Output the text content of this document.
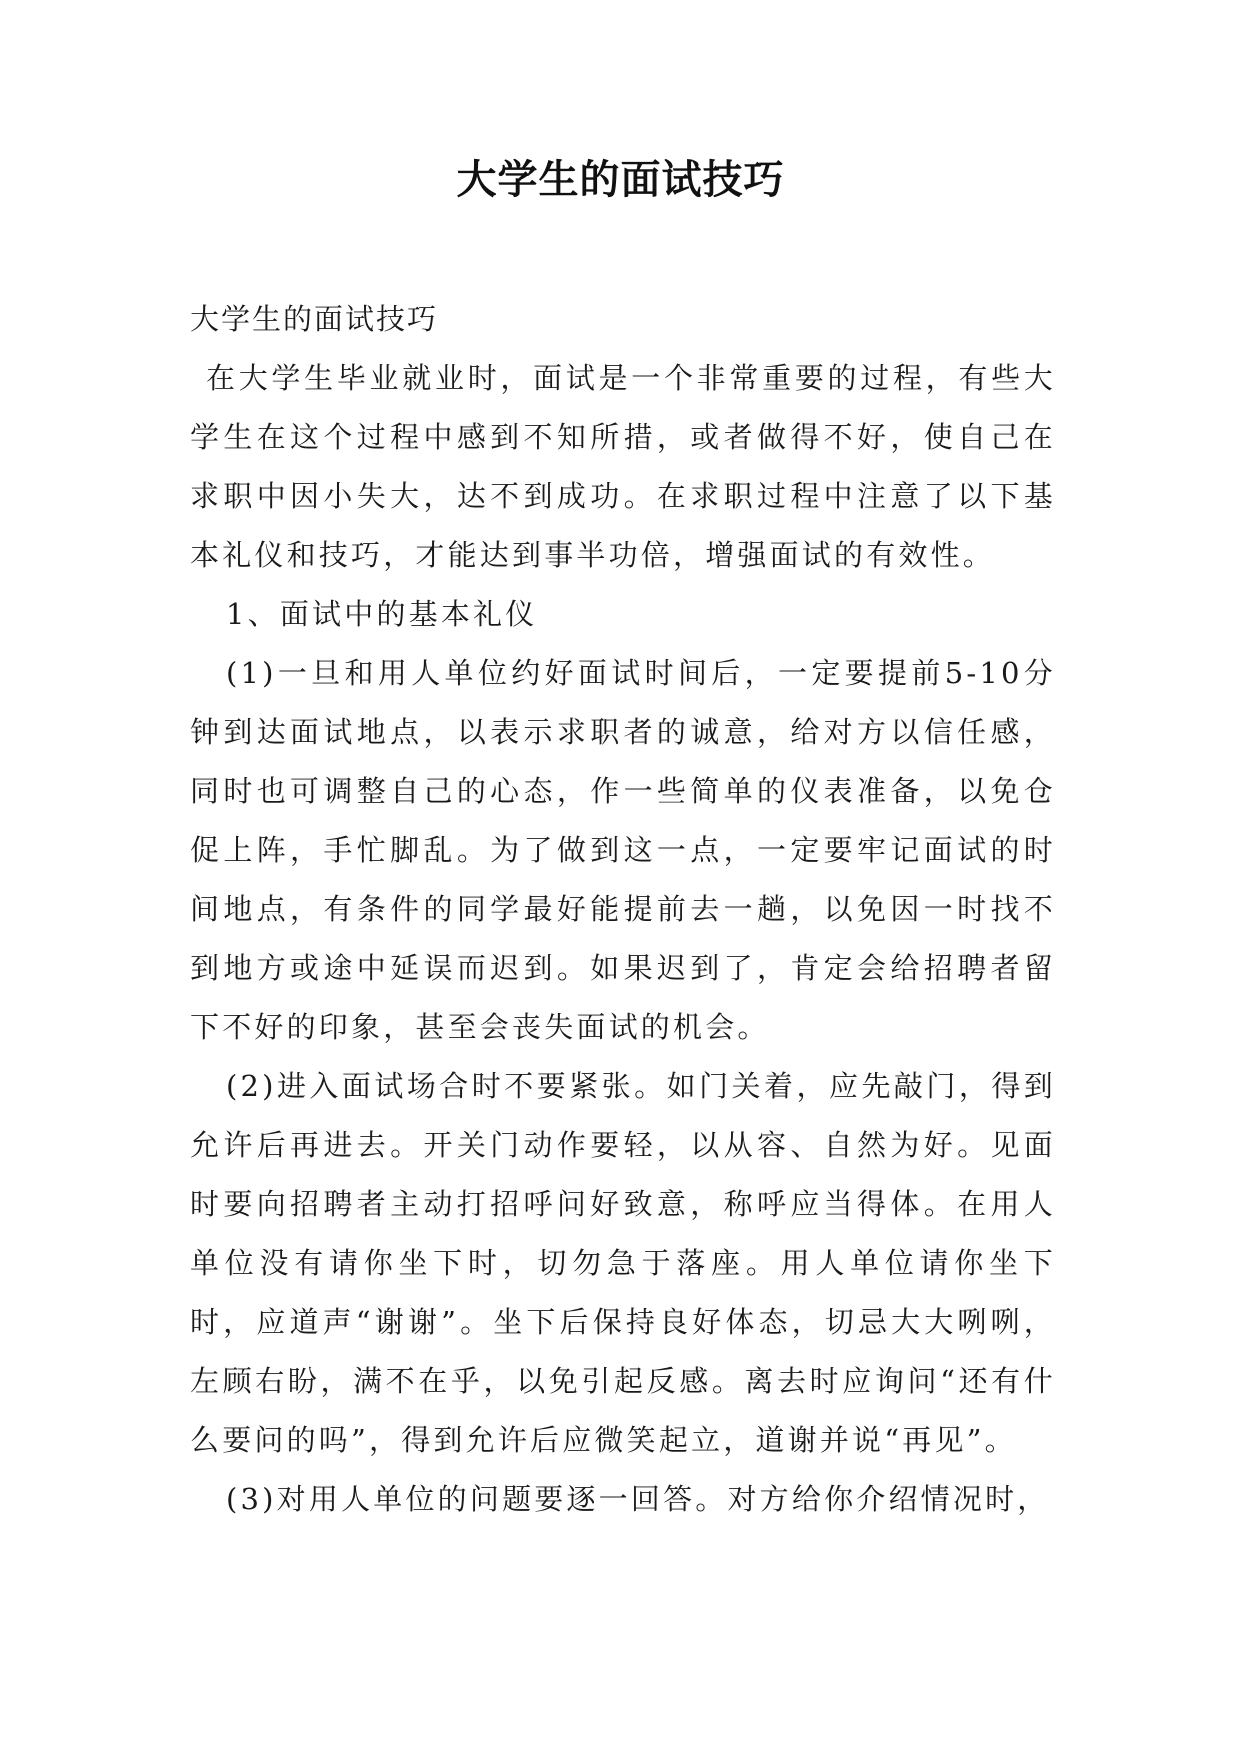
大学生的面试技巧

大学生的面试技巧

在大学生毕业就业时，面试是一个非常重要的过程，有些大学生在这个过程中感到不知所措，或者做得不好，使自己在求职中因小失大，达不到成功。在求职过程中注意了以下基本礼仪和技巧，才能达到事半功倍，增强面试的有效性。

1、面试中的基本礼仪

(1)一旦和用人单位约好面试时间后，一定要提前5-10分钟到达面试地点，以表示求职者的诚意，给对方以信任感，同时也可调整自己的心态，作一些简单的仪表准备，以免仓促上阵，手忙脚乱。为了做到这一点，一定要牢记面试的时间地点，有条件的同学最好能提前去一趟，以免因一时找不到地方或途中延误而迟到。如果迟到了，肯定会给招聘者留下不好的印象，甚至会丧失面试的机会。

(2)进入面试场合时不要紧张。如门关着，应先敲门，得到允许后再进去。开关门动作要轻，以从容、自然为好。见面时要向招聘者主动打招呼问好致意，称呼应当得体。在用人单位没有请你坐下时，切勿急于落座。用人单位请你坐下时，应道声“谢谢”。坐下后保持良好体态，切忌大大咧咧，左顾右盼，满不在乎，以免引起反感。离去时应询问“还有什么要问的吗”，得到允许后应微笑起立，道谢并说“再见”。

(3)对用人单位的问题要逐一回答。对方给你介绍情况时，
